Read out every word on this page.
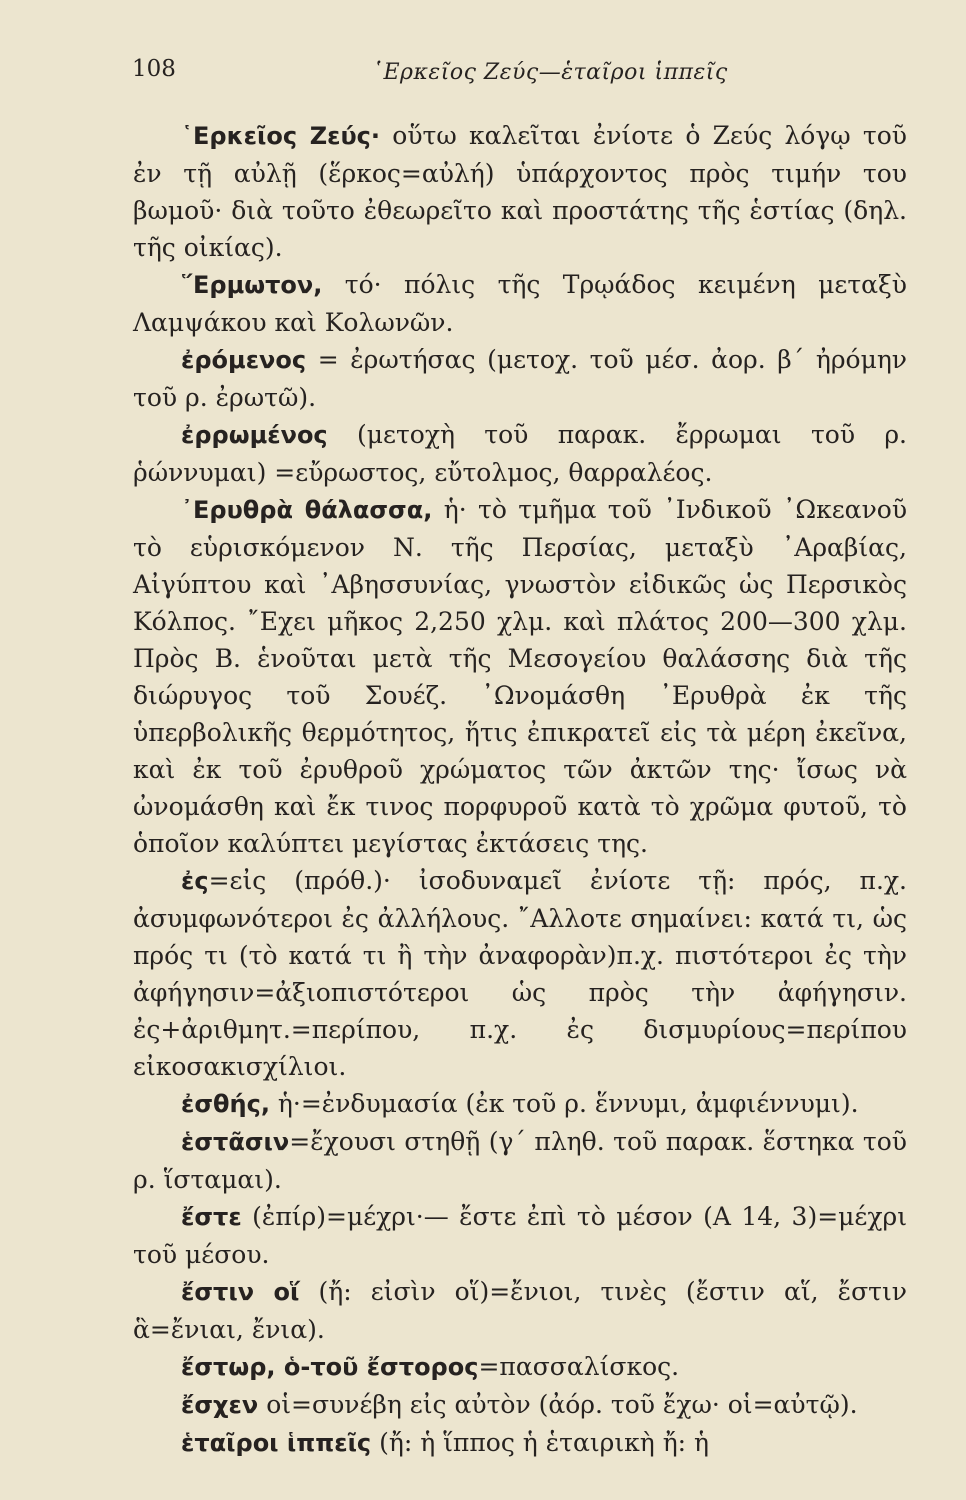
108	῾Ερκεῖος Ζεύς—ἑταῖροι ἱππεῖς

῾Ερκεῖος Ζεύς· οὕτω καλεῖται ἐνίοτε ὁ Ζεύς λόγῳ τοῦ ἐν τῇ αὐλῇ (ἕρκος=αὐλή) ὑπάρχοντος πρὸς τιμήν του βωμοῦ· διὰ τοῦτο ἐθεωρεῖτο καὶ προστάτης τῆς ἑστίας (δηλ. τῆς οἰκίας).

῞Ερμωτον, τό· πόλις τῆς Τρῳάδος κειμένη μεταξὺ Λαμψάκου καὶ Κολωνῶν.

ἐρόμενος = ἐρωτήσας (μετοχ. τοῦ μέσ. ἀορ. β΄ ἠρόμην τοῦ ρ. ἐρωτῶ).

ἐρρωμένος (μετοχὴ τοῦ παρακ. ἔρρωμαι τοῦ ρ. ῥώννυμαι) =εὔρωστος, εὔτολμος, θαρραλέος.

᾿Ερυθρὰ θάλασσα, ἡ· τὸ τμῆμα τοῦ ᾿Ινδικοῦ ᾿Ωκεανοῦ τὸ εὑρισκόμενον Ν. τῆς Περσίας, μεταξὺ ᾿Αραβίας, Αἰγύπτου καὶ ᾿Αβησσυνίας, γνωστὸν εἰδικῶς ὡς Περσικὸς Κόλπος. ῎Εχει μῆκος 2,250 χλμ. καὶ πλάτος 200—300 χλμ. Πρὸς Β. ἑνοῦται μετὰ τῆς Μεσογείου θαλάσσης διὰ τῆς διώρυγος τοῦ Σουέζ. ᾿Ωνομάσθη ᾿Ερυθρὰ ἐκ τῆς ὑπερβολικῆς θερμότητος, ἥτις ἐπικρατεῖ εἰς τὰ μέρη ἐκεῖνα, καὶ ἐκ τοῦ ἐρυθροῦ χρώματος τῶν ἀκτῶν της· ἴσως νὰ ὠνομάσθη καὶ ἔκ τινος πορφυροῦ κατὰ τὸ χρῶμα φυτοῦ, τὸ ὁποῖον καλύπτει μεγίστας ἐκτάσεις της.

ἐς=εἰς (πρόθ.)· ἰσοδυναμεῖ ἐνίοτε τῇ: πρός, π.χ. ἀσυμφωνότεροι ἐς ἀλλήλους. ῎Αλλοτε σημαίνει: κατά τι, ὡς πρός τι (τὸ κατά τι ἢ τὴν ἀναφορὰν)π.χ. πιστότεροι ἐς τὴν ἀφήγησιν=ἀξιοπιστότεροι ὡς πρὸς τὴν ἀφήγησιν. ἐς+ἀριθμητ.=περίπου, π.χ. ἐς δισμυρίους=περίπου εἰκοσακισχίλιοι.

ἐσθής, ἡ·=ἐνδυμασία (ἐκ τοῦ ρ. ἕννυμι, ἀμφιέννυμι).

ἑστᾶσιν=ἔχουσι στηθῇ (γ΄ πληθ. τοῦ παρακ. ἕστηκα τοῦ ρ. ἵσταμαι).

ἔστε (ἐπίρ)=μέχρι·— ἔστε ἐπὶ τὸ μέσον (Α 14, 3)=μέχρι τοῦ μέσου.

ἔστιν οἵ (ἤ: εἰσὶν οἵ)=ἔνιοι, τινὲς (ἔστιν αἵ, ἔστιν ἃ=ἔνιαι, ἔνια).

ἔστωρ, ὁ-τοῦ ἔστορος=πασσαλίσκος.

ἔσχεν οἱ=συνέβη εἰς αὐτὸν (ἀόρ. τοῦ ἔχω· οἱ=αὐτῷ).

ἑταῖροι ἱππεῖς (ἤ: ἡ ἵππος ἡ ἑταιρικὴ ἤ: ἡ
